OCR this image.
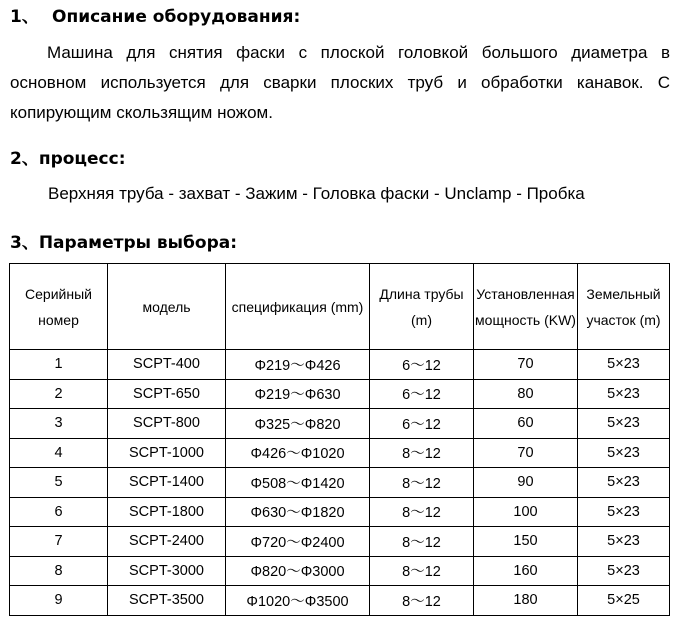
1、 Описание оборудования:
Машина для снятия фаски с плоской головкой большого диаметра в основном используется для сварки плоских труб и обработки канавок. С копирующим скользящим ножом.
2、процесс:
Верхняя труба - захват - Зажим - Головка фаски - Unclamp - Пробка
3、Параметры выбора:
Серийный номер	модель	спецификация (mm)	Длина трубы (m)	Установленная мощность (KW)	Земельный участок (m)
1	SCPT-400	Φ219～Φ426	6～12	70	5×23
2	SCPT-650	Φ219～Φ630	6～12	80	5×23
3	SCPT-800	Φ325～Φ820	6～12	60	5×23
4	SCPT-1000	Φ426～Φ1020	8～12	70	5×23
5	SCPT-1400	Φ508～Φ1420	8～12	90	5×23
6	SCPT-1800	Φ630～Φ1820	8～12	100	5×23
7	SCPT-2400	Φ720～Φ2400	8～12	150	5×23
8	SCPT-3000	Φ820～Φ3000	8～12	160	5×23
9	SCPT-3500	Φ1020～Φ3500	8～12	180	5×25
